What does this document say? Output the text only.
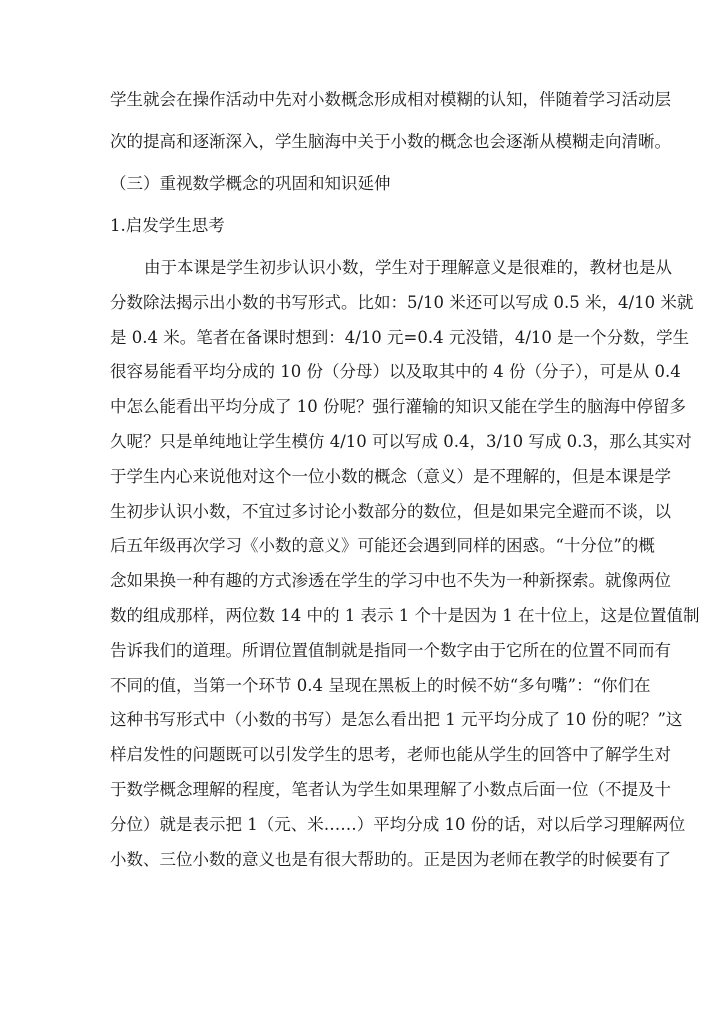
学生就会在操作活动中先对小数概念形成相对模糊的认知，伴随着学习活动层
次的提高和逐渐深入，学生脑海中关于小数的概念也会逐渐从模糊走向清晰。
（三）重视数学概念的巩固和知识延伸
1.启发学生思考
由于本课是学生初步认识小数，学生对于理解意义是很难的，教材也是从
分数除法揭示出小数的书写形式。比如：5/10 米还可以写成 0.5 米，4/10 米就
是 0.4 米。笔者在备课时想到：4/10 元=0.4 元没错，4/10 是一个分数，学生
很容易能看平均分成的 10 份（分母）以及取其中的 4 份（分子），可是从 0.4
中怎么能看出平均分成了 10 份呢？强行灌输的知识又能在学生的脑海中停留多
久呢？只是单纯地让学生模仿 4/10 可以写成 0.4，3/10 写成 0.3，那么其实对
于学生内心来说他对这个一位小数的概念（意义）是不理解的，但是本课是学
生初步认识小数，不宜过多讨论小数部分的数位，但是如果完全避而不谈，以
后五年级再次学习《小数的意义》可能还会遇到同样的困惑。“十分位”的概
念如果换一种有趣的方式渗透在学生的学习中也不失为一种新探索。就像两位
数的组成那样，两位数 14 中的 1 表示 1 个十是因为 1 在十位上，这是位置值制
告诉我们的道理。所谓位置值制就是指同一个数字由于它所在的位置不同而有
不同的值，当第一个环节 0.4 呈现在黑板上的时候不妨“多句嘴”：“你们在
这种书写形式中（小数的书写）是怎么看出把 1 元平均分成了 10 份的呢？”这
样启发性的问题既可以引发学生的思考，老师也能从学生的回答中了解学生对
于数学概念理解的程度，笔者认为学生如果理解了小数点后面一位（不提及十
分位）就是表示把 1（元、米……）平均分成 10 份的话，对以后学习理解两位
小数、三位小数的意义也是有很大帮助的。正是因为老师在教学的时候要有了
